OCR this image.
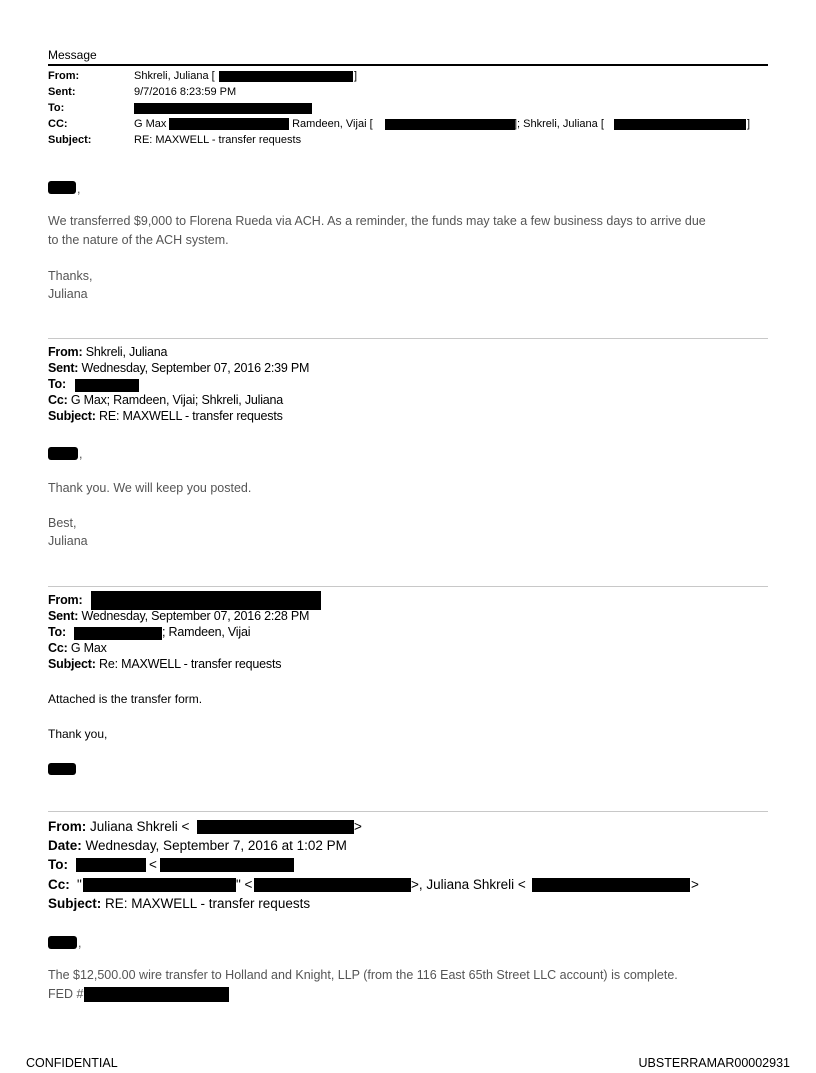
Message
From:	Shkreli, Juliana [	]
Sent:	9/7/2016 8:23:59 PM
To:
CC:	G Max	; Ramdeen, Vijai [	]; Shkreli, Juliana [	]
Subject:	RE: MAXWELL - transfer requests
,
We transferred $9,000 to Florena Rueda via ACH. As a reminder, the funds may take a few business days to arrive due
to the nature of the ACH system.
Thanks,
Juliana
From: Shkreli, Juliana
Sent: Wednesday, September 07, 2016 2:39 PM
To:
Cc: G Max; Ramdeen, Vijai; Shkreli, Juliana
Subject: RE: MAXWELL - transfer requests
,
Thank you. We will keep you posted.
Best,
Juliana
From:
Sent: Wednesday, September 07, 2016 2:28 PM
To:	; Ramdeen, Vijai
Cc: G Max
Subject: Re: MAXWELL - transfer requests
Attached is the transfer form.
Thank you,
From: Juliana Shkreli <	>
Date: Wednesday, September 7, 2016 at 1:02 PM
To:	<
Cc: "	" <	>, Juliana Shkreli <	>
Subject: RE: MAXWELL - transfer requests
,
The $12,500.00 wire transfer to Holland and Knight, LLP (from the 116 East 65th Street LLC account) is complete.
FED #
CONFIDENTIAL	UBSTERRAMAR00002931
